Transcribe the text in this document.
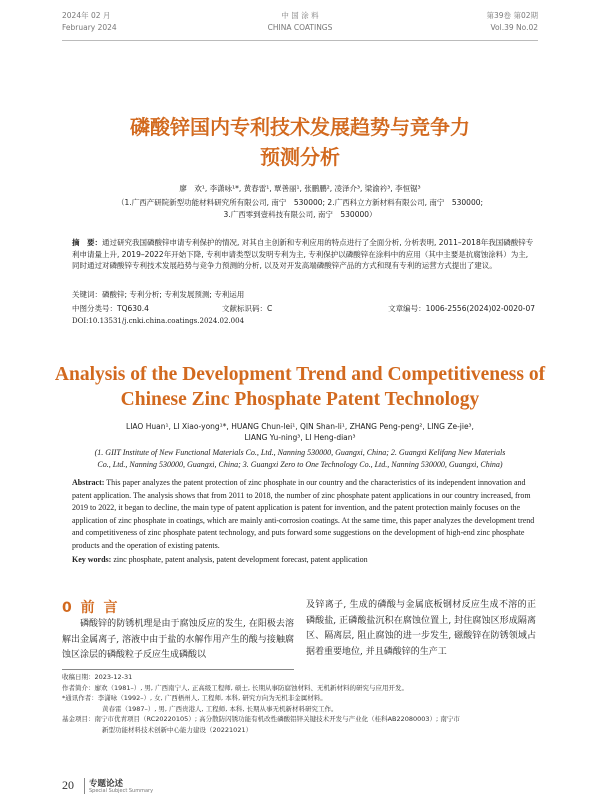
2024年 02 月
February 2024
中 国 涂 料
CHINA COATINGS
第39卷 第02期
Vol.39 No.02
磷酸锌国内专利技术发展趋势与竞争力
预测分析
廖　欢¹, 李潇咏¹*, 黄春雷¹, 覃善丽¹, 张鹏鹏², 凌泽介³, 梁渝衿³, 李恒锯³
（1.广西产研院新型功能材料研究所有限公司, 南宁　530000; 2.广西科立方新材料有限公司, 南宁　530000;
3.广西零到壹科技有限公司, 南宁　530000）
摘　要：通过研究我国磷酸锌申请专利保护的情况, 对其自主创新和专利应用的特点进行了全面分析, 分析表明, 2011–2018年我国磷酸锌专利申请量上升, 2019–2022年开始下降, 专利申请类型以发明专利为主, 专利保护以磷酸锌在涂料中的应用（其中主要是抗腐蚀涂料）为主, 同时通过对磷酸锌专利技术发展趋势与竞争力预测的分析, 以及对开发高端磷酸锌产品的方式和现有专利的运营方式提出了建议。
关键词：磷酸锌; 专利分析; 专利发展预测; 专利运用
中图分类号：TQ630.4	文献标识码：C	文章编号：1006-2556(2024)02-0020-07
DOI:10.13531/j.cnki.china.coatings.2024.02.004
Analysis of the Development Trend and Competitiveness of
Chinese Zinc Phosphate Patent Technology
LIAO Huan¹, LI Xiao-yong¹*, HUANG Chun-lei¹, QIN Shan-li¹, ZHANG Peng-peng², LING Ze-jie³,
LIANG Yu-ning³, LI Heng-dian³
(1. GIIT Institute of New Functional Materials Co., Ltd., Nanning 530000, Guangxi, China; 2. Guangxi Kelifang New Materials
Co., Ltd., Nanning 530000, Guangxi, China; 3. Guangxi Zero to One Technology Co., Ltd., Nanning 530000, Guangxi, China)
Abstract: This paper analyzes the patent protection of zinc phosphate in our country and the characteristics of its independent innovation and patent application. The analysis shows that from 2011 to 2018, the number of zinc phosphate patent applications in our country increased, from 2019 to 2022, it began to decline, the main type of patent application is patent for invention, and the patent protection mainly focuses on the application of zinc phosphate in coatings, which are mainly anti-corrosion coatings. At the same time, this paper analyzes the development trend and competitiveness of zinc phosphate patent technology, and puts forward some suggestions on the development of high-end zinc phosphate products and the operation of existing patents.
Key words: zinc phosphate, patent analysis, patent development forecast, patent application
0 前 言
磷酸锌的防锈机理是由于腐蚀反应的发生, 在阳极去溶解出金属离子, 溶液中由于盐的水解作用产生的酸与接触腐蚀区涂层的磷酸粒子反应生成磷酸以
及锌离子, 生成的磷酸与金属底板钢材反应生成不溶的正磷酸盐, 正磷酸盐沉积在腐蚀位置上, 封住腐蚀区形成隔离区、隔离层, 阻止腐蚀的进一步发生, 磁酸锌在防锈领域占据着重要地位, 并且磷酸锌的生产工
收稿日期：2023-12-31
作者简介：廖欢（1981–）, 男, 广西南宁人, 正高级工程师, 硕士, 长期从事防腐蚀材料、无机新材料的研究与应用开发。
*通讯作者：李潇咏（1992–）, 女, 广西梧州人, 工程师, 本科, 研究方向为无机非金属材料。
黄春雷（1987–）, 男, 广西贵港人, 工程师, 本科, 长期从事无机新材料研究工作。
基金项目：南宁市优青项目（RC20220105）; 高分散防闪锈功能有机改性磷酸铝锌关键技术开发与产业化（桂科AB22080003）; 南宁市
新型功能材料技术创新中心能力建设（20221021）
20 专题论述
Special Subject Summary
